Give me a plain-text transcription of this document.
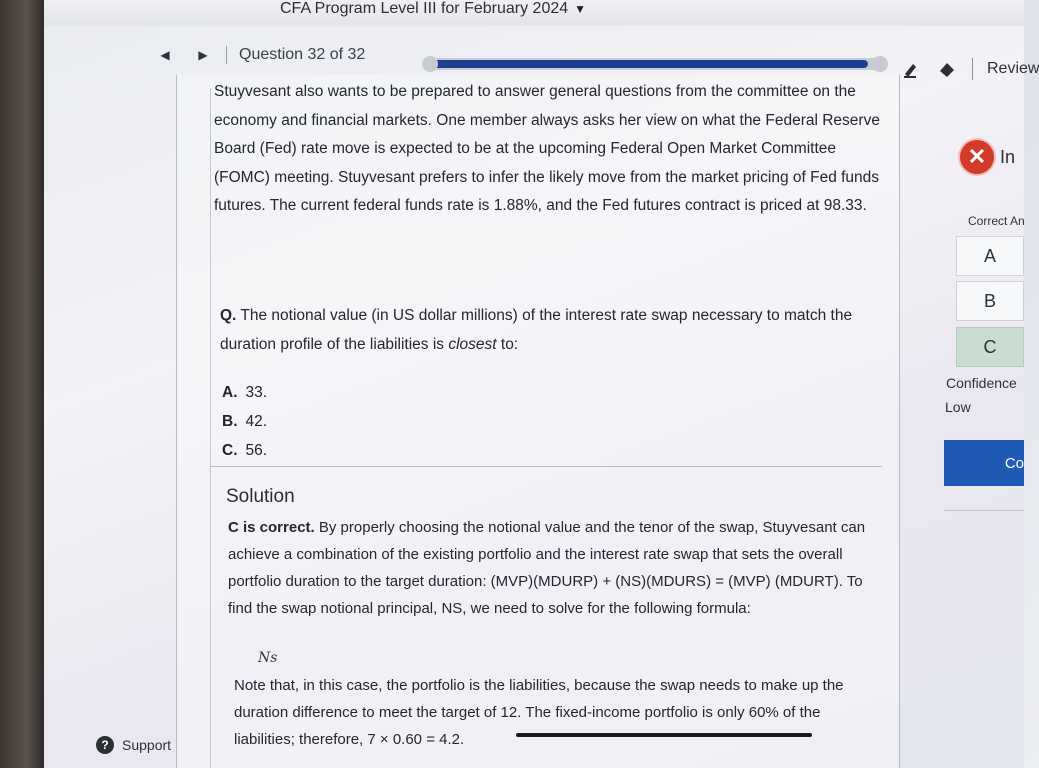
CFA Program Level III for February 2024 ▼
◀	▶	Question 32 of 32
Review
Stuyvesant also wants to be prepared to answer general questions from the committee on the economy and financial markets. One member always asks her view on what the Federal Reserve Board (Fed) rate move is expected to be at the upcoming Federal Open Market Committee (FOMC) meeting. Stuyvesant prefers to infer the likely move from the market pricing of Fed funds futures. The current federal funds rate is 1.88%, and the Fed futures contract is priced at 98.33.
Q. The notional value (in US dollar millions) of the interest rate swap necessary to match the duration profile of the liabilities is closest to:
A. 33.
B. 42.
C. 56.
Solution
C is correct. By properly choosing the notional value and the tenor of the swap, Stuyvesant can achieve a combination of the existing portfolio and the interest rate swap that sets the overall portfolio duration to the target duration: (MVP)(MDURP) + (NS)(MDURS) = (MVP) (MDURT). To find the swap notional principal, NS, we need to solve for the following formula:
Ns
Note that, in this case, the portfolio is the liabilities, because the swap needs to make up the duration difference to meet the target of 12. The fixed-income portfolio is only 60% of the liabilities; therefore, 7 × 0.60 = 4.2.
? Support
✕ In
Correct An
A
B
C
Confidence
Low
Co
